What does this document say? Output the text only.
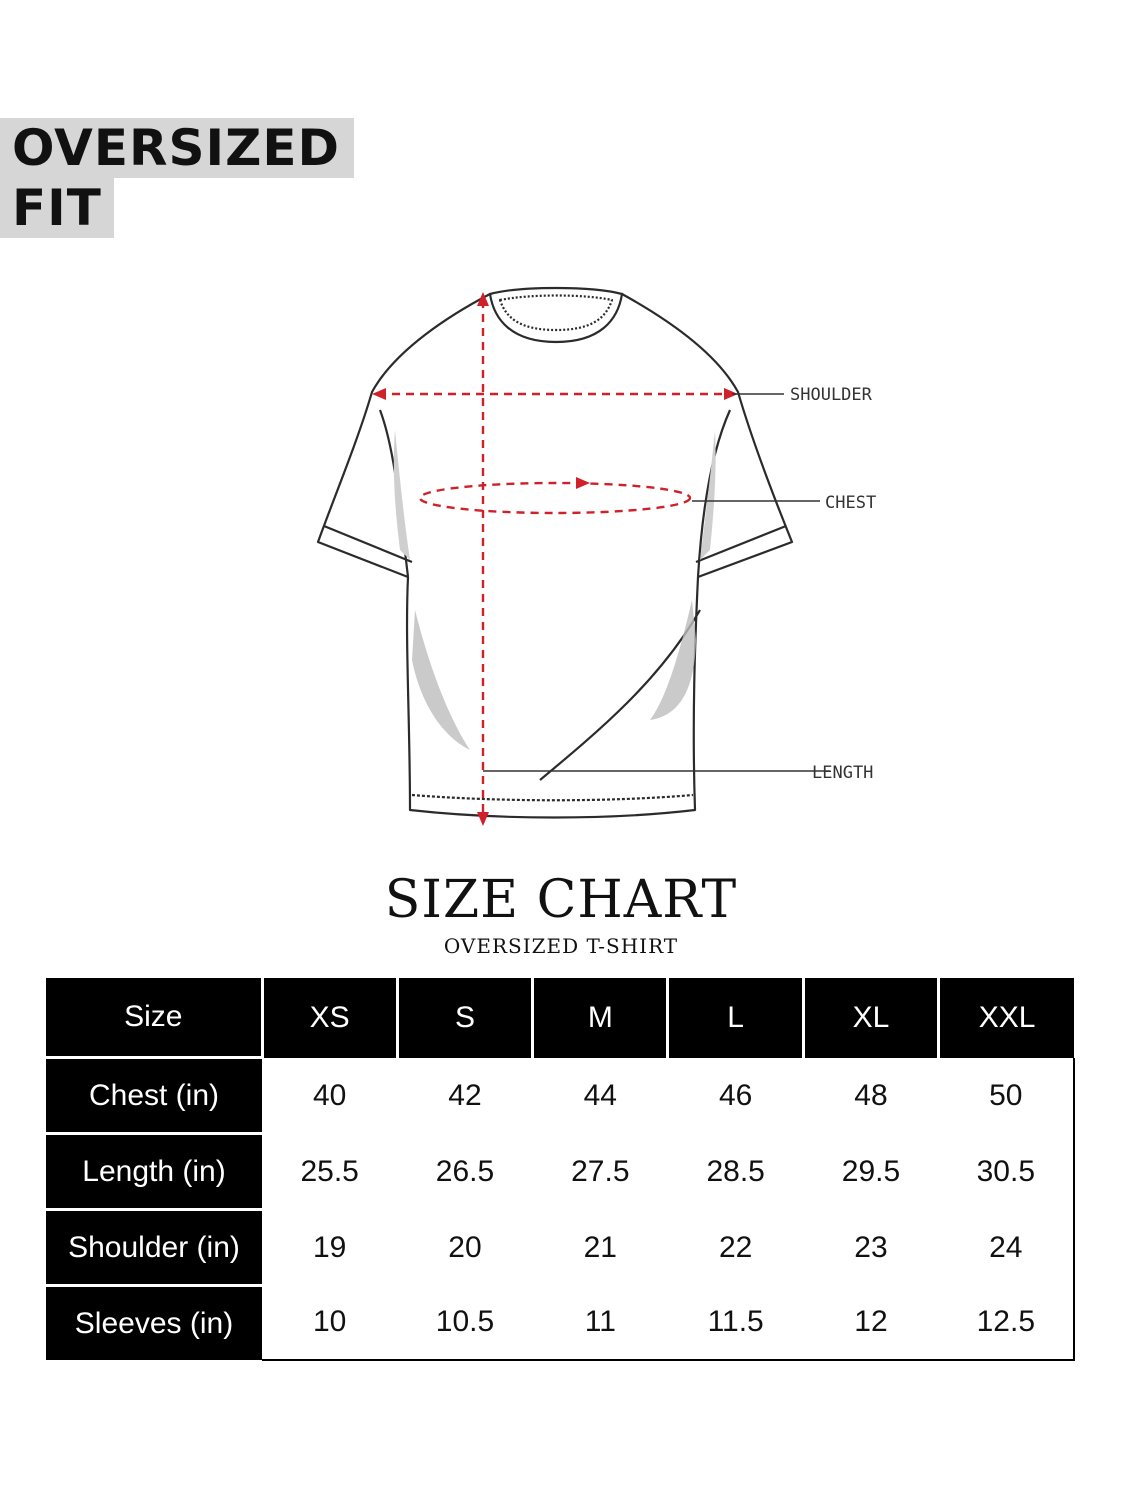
OVERSIZED
FIT
SHOULDER
CHEST
LENGTH
SIZE CHART
OVERSIZED T-SHIRT
Size	XS	S	M	L	XL	XXL
Chest (in)	40	42	44	46	48	50
Length (in)	25.5	26.5	27.5	28.5	29.5	30.5
Shoulder (in)	19	20	21	22	23	24
Sleeves (in)	10	10.5	11	11.5	12	12.5
